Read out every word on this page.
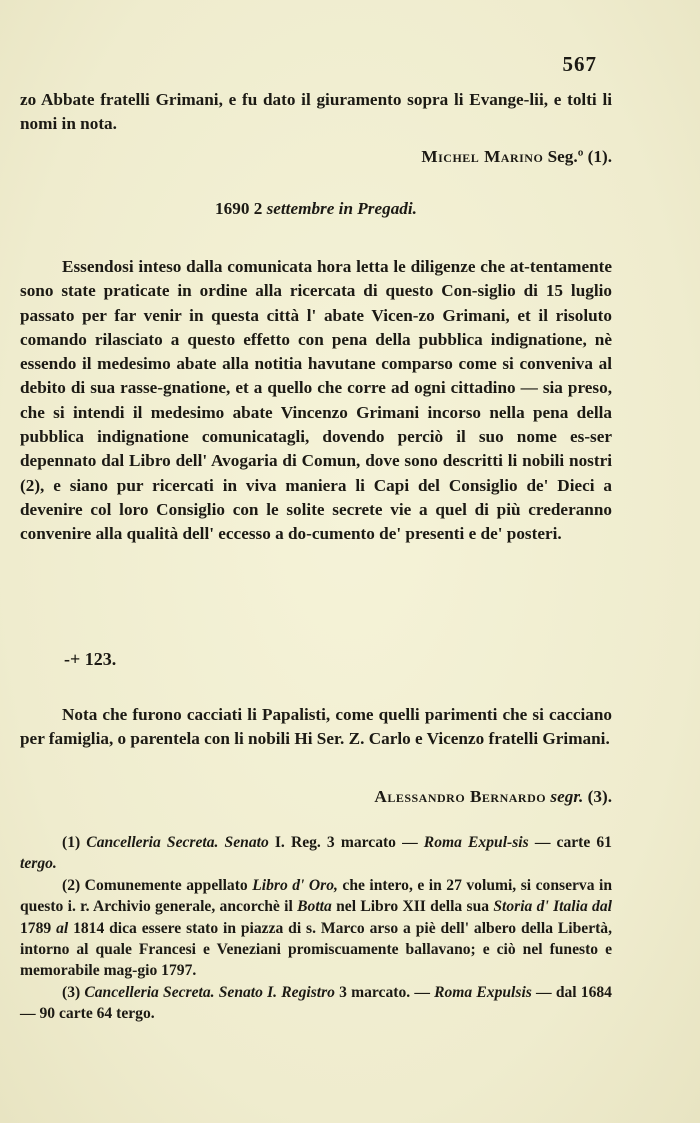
567
zo Abbate fratelli Grimani, e fu dato il giuramento sopra li Evange-lii, e tolti li nomi in nota.
Michel Marino Seg.º (1).
1690 2 settembre in Pregadi.
Essendosi inteso dalla comunicata hora letta le diligenze che at-tentamente sono state praticate in ordine alla ricercata di questo Con-siglio di 15 luglio passato per far venir in questa città l' abate Vicen-zo Grimani, et il risoluto comando rilasciato a questo effetto con pena della pubblica indignatione, nè essendo il medesimo abate alla notitia havutane comparso come si conveniva al debito di sua rasse-gnatione, et a quello che corre ad ogni cittadino — sia preso, che si intendi il medesimo abate Vincenzo Grimani incorso nella pena della pubblica indignatione comunicatagli, dovendo perciò il suo nome es-ser depennato dal Libro dell' Avogaria di Comun, dove sono descritti li nobili nostri (2), e siano pur ricercati in viva maniera li Capi del Consiglio de' Dieci a devenire col loro Consiglio con le solite secrete vie a quel di più crederanno convenire alla qualità dell' eccesso a do-cumento de' presenti e de' posteri.
-+ 123.
Nota che furono cacciati li Papalisti, come quelli parimenti che si cacciano per famiglia, o parentela con li nobili Hi Ser. Z. Carlo e Vicenzo fratelli Grimani.
Alessandro Bernardo segr. (3).
(1) Cancelleria Secreta. Senato I. Reg. 3 marcato — Roma Expul-sis — carte 61 tergo.
(2) Comunemente appellato Libro d' Oro, che intero, e in 27 volumi, si conserva in questo i. r. Archivio generale, ancorchè il Botta nel Libro XII della sua Storia d' Italia dal 1789 al 1814 dica essere stato in piazza di s. Marco arso a piè dell' albero della Libertà, intorno al quale Francesi e Veneziani promiscuamente ballavano; e ciò nel funesto e memorabile mag-gio 1797.
(3) Cancelleria Secreta. Senato I. Registro 3 marcato. — Roma Expulsis — dal 1684 — 90 carte 64 tergo.
